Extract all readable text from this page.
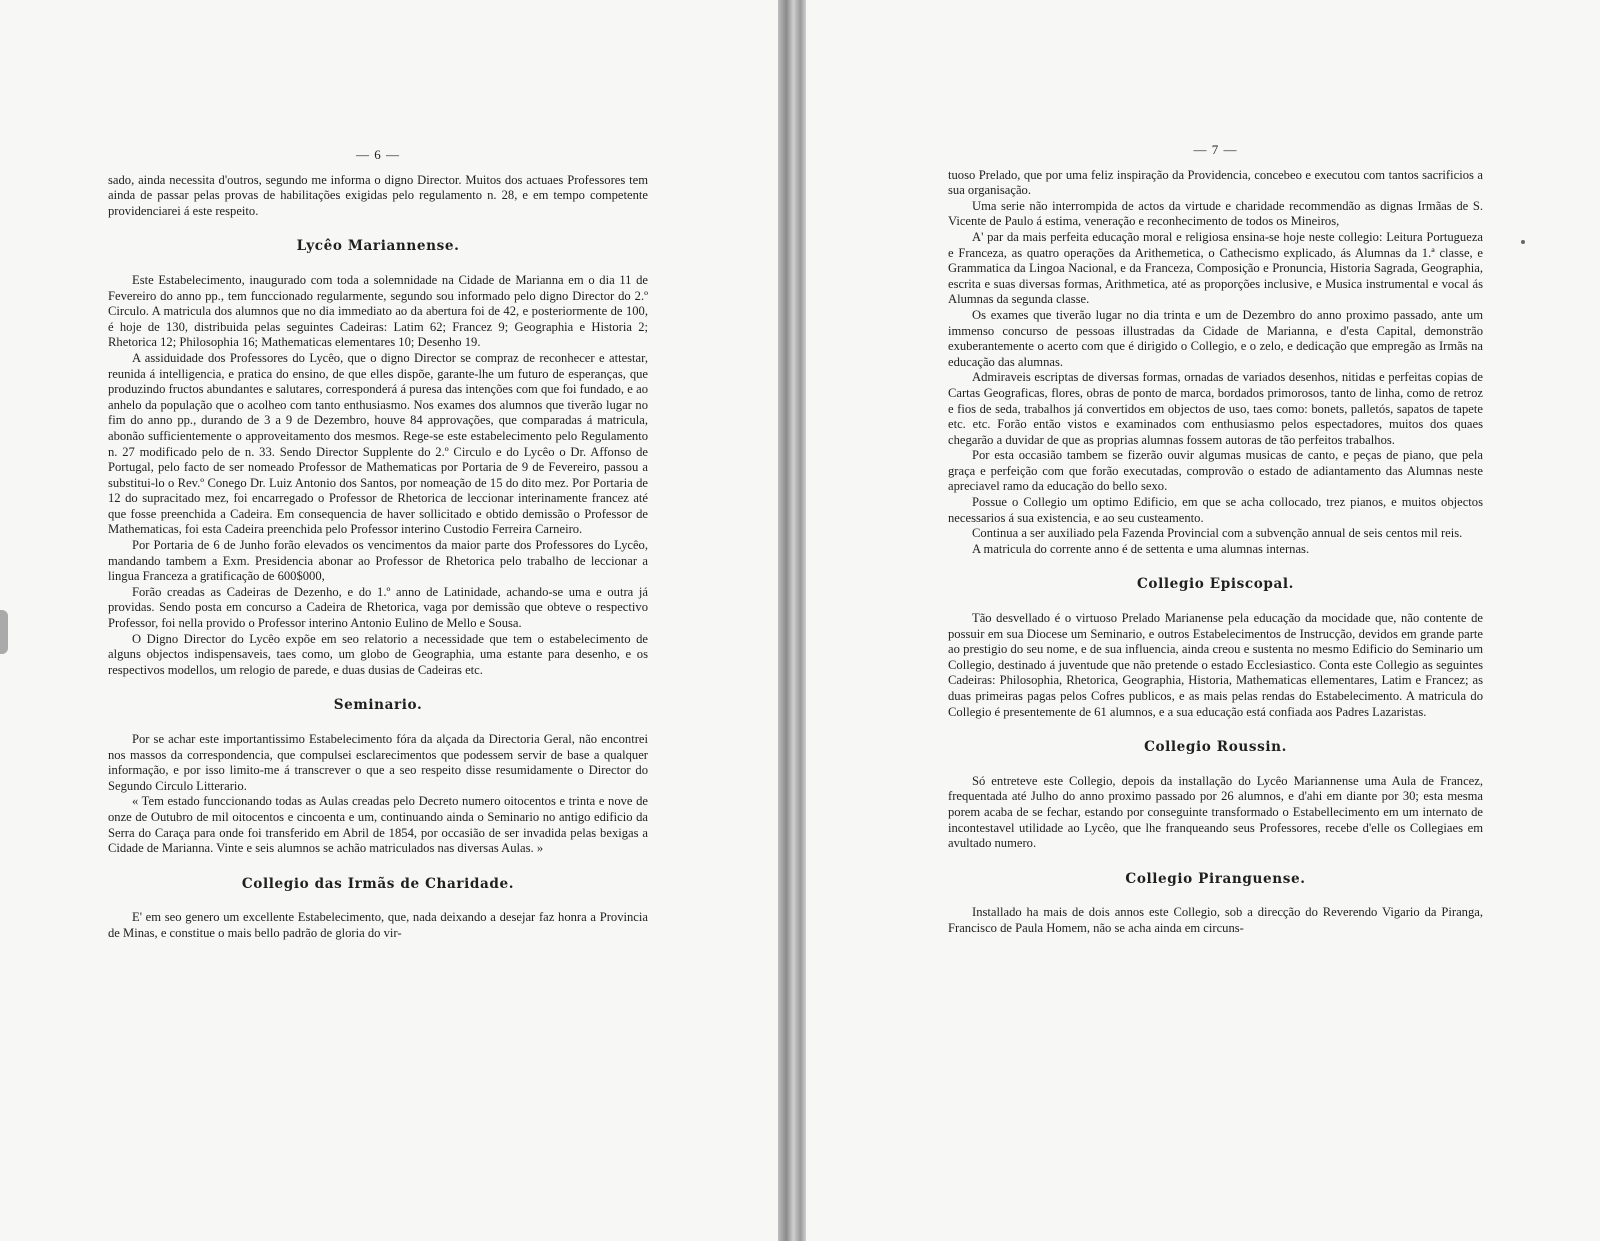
— 6 —

sado, ainda necessita d'outros, segundo me informa o digno Director. Muitos dos actuaes Professores tem ainda de passar pelas provas de habilitações exigidas pelo regulamento n. 28, e em tempo competente providenciarei á este respeito.

Lycêo Mariannense.

Este Estabelecimento, inaugurado com toda a solemnidade na Cidade de Marianna em o dia 11 de Fevereiro do anno pp., tem funccionado regularmente, segundo sou informado pelo digno Director do 2.º Circulo. A matricula dos alumnos que no dia immediato ao da abertura foi de 42, e posteriormente de 100, é hoje de 130, distribuida pelas seguintes Cadeiras: Latim 62; Francez 9; Geographia e Historia 2; Rhetorica 12; Philosophia 16; Mathematicas elementares 10; Desenho 19.

A assiduidade dos Professores do Lycêo, que o digno Director se compraz de reconhecer e attestar, reunida á intelligencia, e pratica do ensino, de que elles dispõe, garante-lhe um futuro de esperanças, que produzindo fructos abundantes e salutares, corresponderá á puresa das intenções com que foi fundado, e ao anhelo da população que o acolheo com tanto enthusiasmo. Nos exames dos alumnos que tiverão lugar no fim do anno pp., durando de 3 a 9 de Dezembro, houve 84 approvações, que comparadas á matricula, abonão sufficientemente o approveitamento dos mesmos. Rege-se este estabelecimento pelo Regulamento n. 27 modificado pelo de n. 33. Sendo Director Supplente do 2.º Circulo e do Lycêo o Dr. Affonso de Portugal, pelo facto de ser nomeado Professor de Mathematicas por Portaria de 9 de Fevereiro, passou a substitui-lo o Rev.º Conego Dr. Luiz Antonio dos Santos, por nomeação de 15 do dito mez. Por Portaria de 12 do supracitado mez, foi encarregado o Professor de Rhetorica de leccionar interinamente francez até que fosse preenchida a Cadeira. Em consequencia de haver sollicitado e obtido demissão o Professor de Mathematicas, foi esta Cadeira preenchida pelo Professor interino Custodio Ferreira Carneiro.

Por Portaria de 6 de Junho forão elevados os vencimentos da maior parte dos Professores do Lycêo, mandando tambem a Exm. Presidencia abonar ao Professor de Rhetorica pelo trabalho de leccionar a lingua Franceza a gratificação de 600$000,

Forão creadas as Cadeiras de Dezenho, e do 1.º anno de Latinidade, achando-se uma e outra já providas. Sendo posta em concurso a Cadeira de Rhetorica, vaga por demissão que obteve o respectivo Professor, foi nella provido o Professor interino Antonio Eulino de Mello e Sousa.

O Digno Director do Lycêo expõe em seo relatorio a necessidade que tem o estabelecimento de alguns objectos indispensaveis, taes como, um globo de Geographia, uma estante para desenho, e os respectivos modellos, um relogio de parede, e duas dusias de Cadeiras etc.

Seminario.

Por se achar este importantissimo Estabelecimento fóra da alçada da Directoria Geral, não encontrei nos massos da correspondencia, que compulsei esclarecimentos que podessem servir de base a qualquer informação, e por isso limito-me á transcrever o que a seo respeito disse resumidamente o Director do Segundo Circulo Litterario.

« Tem estado funccionando todas as Aulas creadas pelo Decreto numero oitocentos e trinta e nove de onze de Outubro de mil oitocentos e cincoenta e um, continuando ainda o Seminario no antigo edificio da Serra do Caraça para onde foi transferido em Abril de 1854, por occasião de ser invadida pelas bexigas a Cidade de Marianna. Vinte e seis alumnos se achão matriculados nas diversas Aulas. »

Collegio das Irmãs de Charidade.

E' em seo genero um excellente Estabelecimento, que, nada deixando a desejar faz honra a Provincia de Minas, e constitue o mais bello padrão de gloria do vir-

— 7 —

tuoso Prelado, que por uma feliz inspiração da Providencia, concebeo e executou com tantos sacrificios a sua organisação.

Uma serie não interrompida de actos da virtude e charidade recommendão as dignas Irmãas de S. Vicente de Paulo á estima, veneração e reconhecimento de todos os Mineiros,

A' par da mais perfeita educação moral e religiosa ensina-se hoje neste collegio: Leitura Portugueza e Franceza, as quatro operações da Arithemetica, o Cathecismo explicado, ás Alumnas da 1.ª classe, e Grammatica da Lingoa Nacional, e da Franceza, Composição e Pronuncia, Historia Sagrada, Geographia, escrita e suas diversas formas, Arithmetica, até as proporções inclusive, e Musica instrumental e vocal ás Alumnas da segunda classe.

Os exames que tiverão lugar no dia trinta e um de Dezembro do anno proximo passado, ante um immenso concurso de pessoas illustradas da Cidade de Marianna, e d'esta Capital, demonstrão exuberantemente o acerto com que é dirigido o Collegio, e o zelo, e dedicação que empregão as Irmãs na educação das alumnas.

Admiraveis escriptas de diversas formas, ornadas de variados desenhos, nitidas e perfeitas copias de Cartas Geograficas, flores, obras de ponto de marca, bordados primorosos, tanto de linha, como de retroz e fios de seda, trabalhos já convertidos em objectos de uso, taes como: bonets, palletós, sapatos de tapete etc. etc. Forão então vistos e examinados com enthusiasmo pelos espectadores, muitos dos quaes chegarão a duvidar de que as proprias alumnas fossem autoras de tão perfeitos trabalhos.

Por esta occasião tambem se fizerão ouvir algumas musicas de canto, e peças de piano, que pela graça e perfeição com que forão executadas, comprovão o estado de adiantamento das Alumnas neste apreciavel ramo da educação do bello sexo.

Possue o Collegio um optimo Edificio, em que se acha collocado, trez pianos, e muitos objectos necessarios á sua existencia, e ao seu custeamento.

Continua a ser auxiliado pela Fazenda Provincial com a subvenção annual de seis centos mil reis.

A matricula do corrente anno é de settenta e uma alumnas internas.

Collegio Episcopal.

Tão desvellado é o virtuoso Prelado Marianense pela educação da mocidade que, não contente de possuir em sua Diocese um Seminario, e outros Estabelecimentos de Instrucção, devidos em grande parte ao prestigio do seu nome, e de sua influencia, ainda creou e sustenta no mesmo Edificio do Seminario um Collegio, destinado á juventude que não pretende o estado Ecclesiastico. Conta este Collegio as seguintes Cadeiras: Philosophia, Rhetorica, Geographia, Historia, Mathematicas ellementares, Latim e Francez; as duas primeiras pagas pelos Cofres publicos, e as mais pelas rendas do Estabelecimento. A matricula do Collegio é presentemente de 61 alumnos, e a sua educação está confiada aos Padres Lazaristas.

Collegio Roussin.

Só entreteve este Collegio, depois da installação do Lycêo Mariannense uma Aula de Francez, frequentada até Julho do anno proximo passado por 26 alumnos, e d'ahi em diante por 30; esta mesma porem acaba de se fechar, estando por conseguinte transformado o Estabellecimento em um internato de incontestavel utilidade ao Lycêo, que lhe franqueando seus Professores, recebe d'elle os Collegiaes em avultado numero.

Collegio Piranguense.

Installado ha mais de dois annos este Collegio, sob a direcção do Reverendo Vigario da Piranga, Francisco de Paula Homem, não se acha ainda em circuns-
